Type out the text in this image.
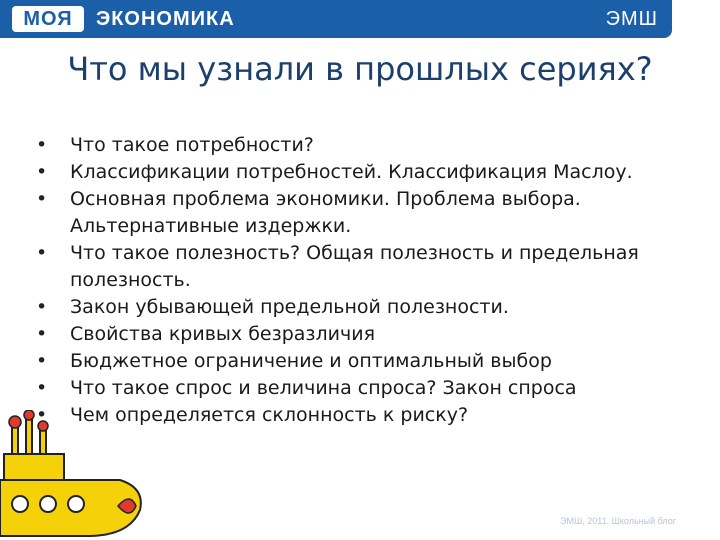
МОЯ	ЭКОНОМИКА	ЭМШ
Что мы узнали в прошлых сериях?
• Что такое потребности?
• Классификации потребностей. Классификация Маслоу.
• Основная проблема экономики. Проблема выбора. Альтернативные издержки.
• Что такое полезность? Общая полезность и предельная полезность.
• Закон убывающей предельной полезности.
• Свойства кривых безразличия
• Бюджетное ограничение и оптимальный выбор
• Что такое спрос и величина спроса? Закон спроса
• Чем определяется склонность к риску?
ЭМШ, 2011. Школьный блог
